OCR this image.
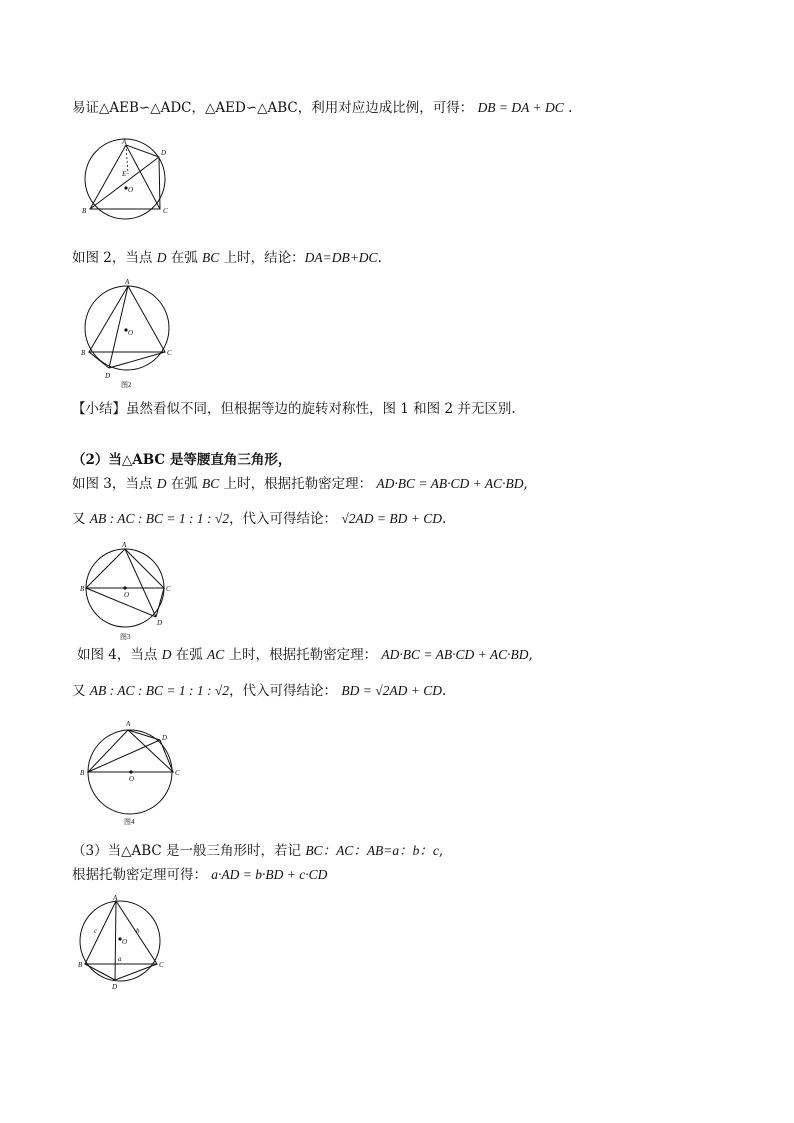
易证△AEB∽△ADC，△AED∽△ABC，利用对应边成比例，可得： DB = DA + DC .
A
D
E
O
B	C
如图 2，当点 D 在弧 BC 上时，结论：DA=DB+DC.
A
O
B	C
D
图2
【小结】虽然看似不同，但根据等边的旋转对称性，图 1 和图 2 并无区别.
（2）当△ABC 是等腰直角三角形，
如图 3，当点 D 在弧 BC 上时，根据托勒密定理： AD·BC = AB·CD + AC·BD,
又 AB : AC : BC = 1 : 1 : √2，代入可得结论： √2AD = BD + CD.
A
B	C
O
D
图3
如图 4，当点 D 在弧 AC 上时，根据托勒密定理： AD·BC = AB·CD + AC·BD,
又 AB : AC : BC = 1 : 1 : √2，代入可得结论： BD = √2AD + CD.
A
D
B	C
O
图4
（3）当△ABC 是一般三角形时，若记 BC：AC：AB=a：b：c,
根据托勒密定理可得： a·AD = b·BD + c·CD
A
c	b
O
B	C
a
D
